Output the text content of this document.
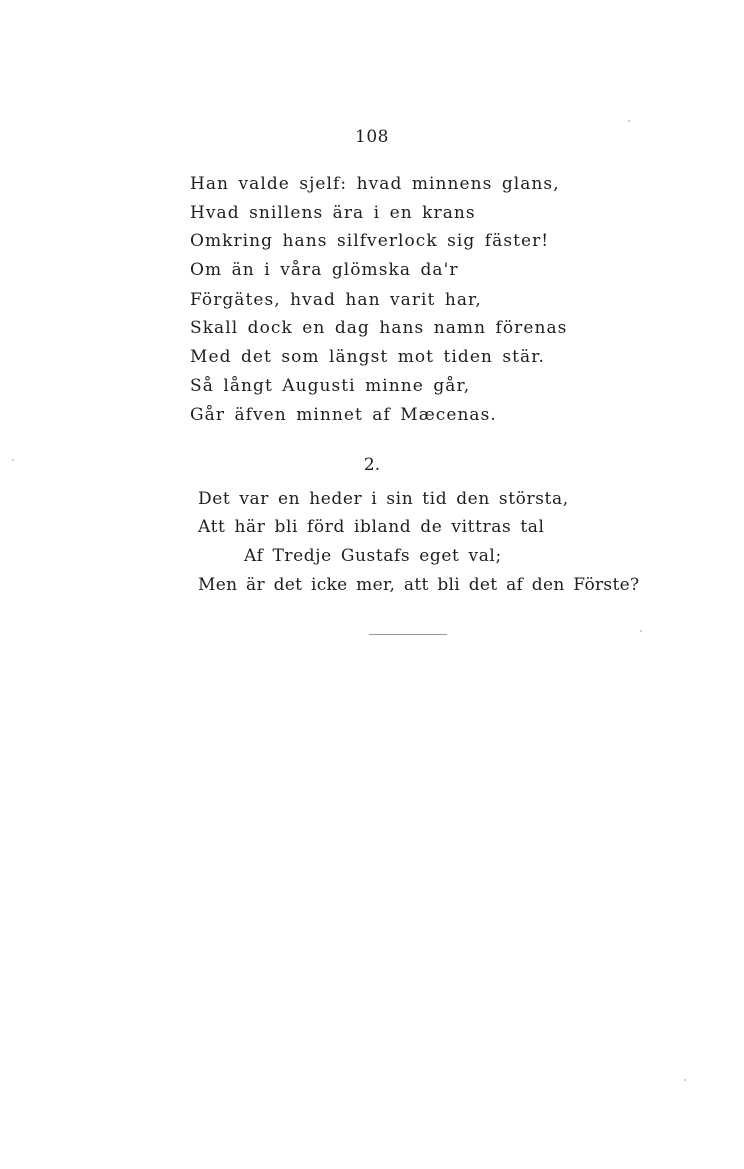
108
Han valde sjelf: hvad minnens glans,
Hvad snillens ära i en krans
Omkring hans silfverlock sig fäster!
Om än i våra glömska da'r
Förgätes, hvad han varit har,
Skall dock en dag hans namn förenas
Med det som längst mot tiden stär.
Så långt Augusti minne går,
Går äfven minnet af Mæcenas.
2.
Det var en heder i sin tid den största,
Att här bli förd ibland de vittras tal
Af Tredje Gustafs eget val;
Men är det icke mer, att bli det af den Förste?
